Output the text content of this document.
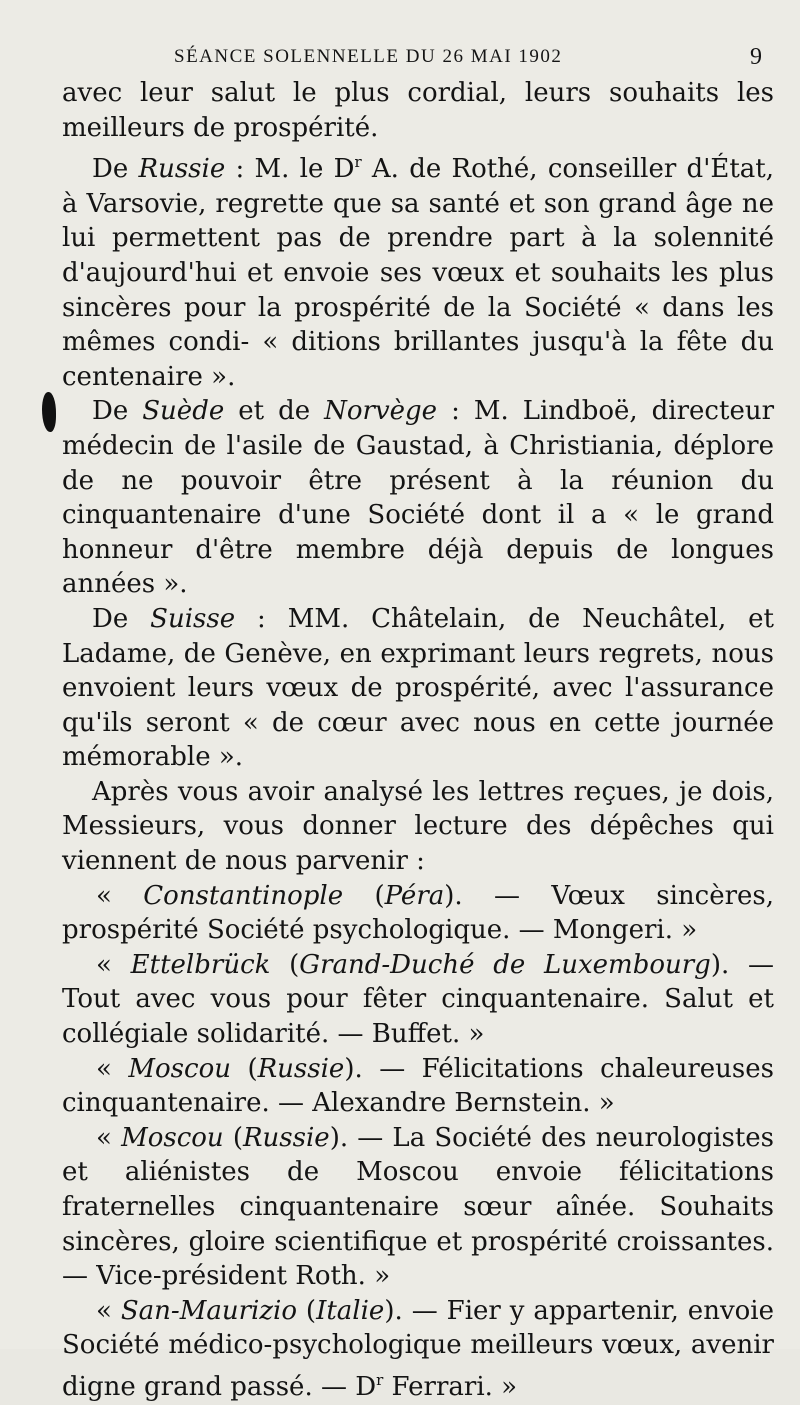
SÉANCE SOLENNELLE DU 26 MAI 1902	9

avec leur salut le plus cordial, leurs souhaits les meilleurs de prospérité.

De Russie : M. le $D^r$ A. de Rothé, conseiller d'État, à Varsovie, regrette que sa santé et son grand âge ne lui permettent pas de prendre part à la solennité d'aujourd'hui et envoie ses vœux et souhaits les plus sincères pour la prospérité de la Société « dans les mêmes condi- « ditions brillantes jusqu'à la fête du centenaire ».

De Suède et de Norvège : M. Lindboë, directeur médecin de l'asile de Gaustad, à Christiania, déplore de ne pouvoir être présent à la réunion du cinquantenaire d'une Société dont il a « le grand honneur d'être membre déjà depuis de longues années ».

De Suisse : MM. Châtelain, de Neuchâtel, et Ladame, de Genève, en exprimant leurs regrets, nous envoient leurs vœux de prospérité, avec l'assurance qu'ils seront « de cœur avec nous en cette journée mémorable ».

Après vous avoir analysé les lettres reçues, je dois, Messieurs, vous donner lecture des dépêches qui viennent de nous parvenir :

« Constantinople (Péra). — Vœux sincères, prospérité Société psychologique. — Mongeri. »

« Ettelbrück (Grand-Duché de Luxembourg). — Tout avec vous pour fêter cinquantenaire. Salut et collégiale solidarité. — Buffet. »

« Moscou (Russie). — Félicitations chaleureuses cinquantenaire. — Alexandre Bernstein. »

« Moscou (Russie). — La Société des neurologistes et aliénistes de Moscou envoie félicitations fraternelles cinquantenaire sœur aînée. Souhaits sincères, gloire scientifique et prospérité croissantes. — Vice-président Roth. »

« San-Maurizio (Italie). — Fier y appartenir, envoie Société médico-psychologique meilleurs vœux, avenir digne grand passé. — $D^r$ Ferrari. »
